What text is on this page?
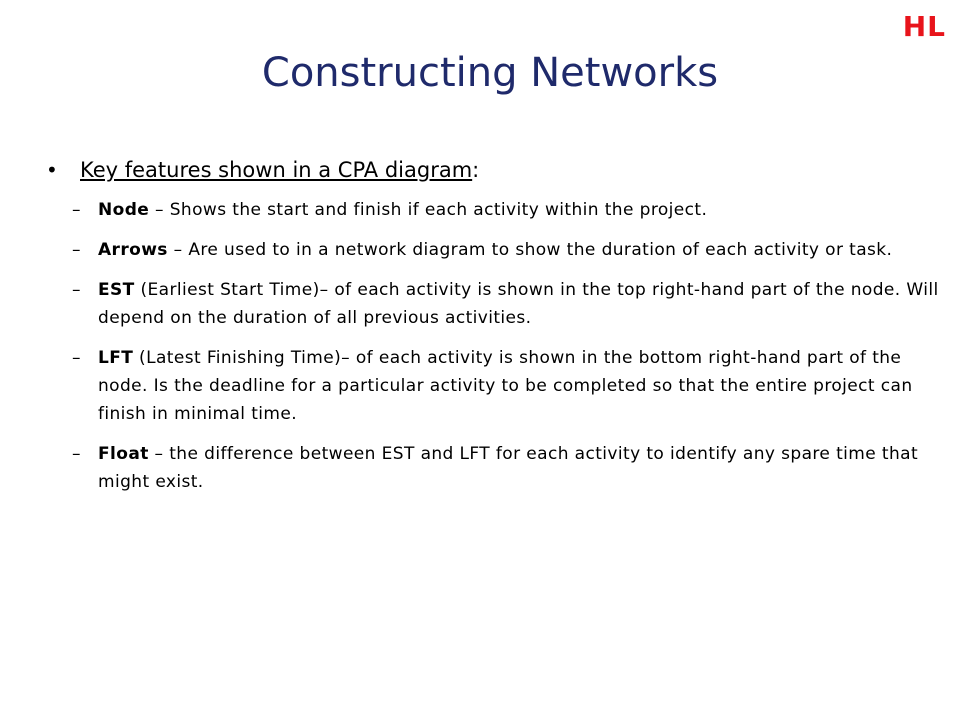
HL
Constructing Networks
•	Key features shown in a CPA diagram:
–	Node – Shows the start and finish if each activity within the project.
–	Arrows – Are used to in a network diagram to show the duration of each activity or task.
–	EST (Earliest Start Time)– of each activity is shown in the top right-hand part of the node. Will depend on the duration of all previous activities.
–	LFT (Latest Finishing Time)– of each activity is shown in the bottom right-hand part of the node. Is the deadline for a particular activity to be completed so that the entire project can finish in minimal time.
–	Float – the difference between EST and LFT for each activity to identify any spare time that might exist.
